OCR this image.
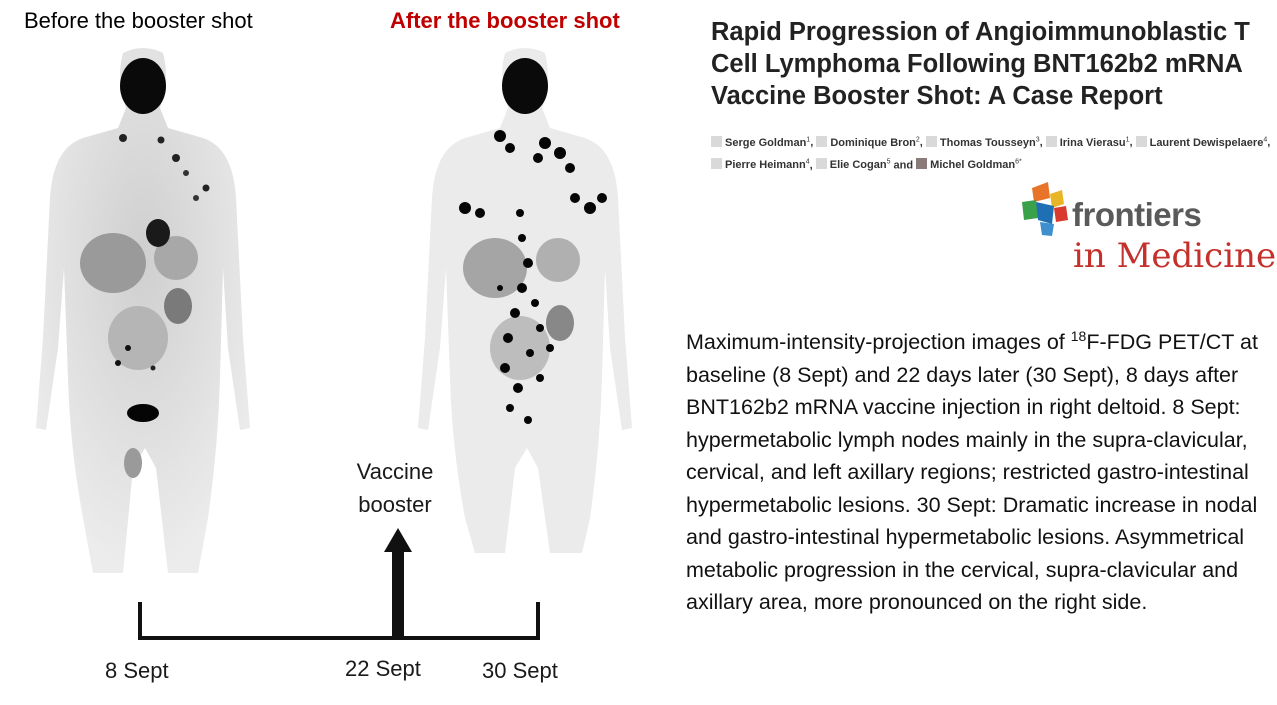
Before the booster shot	After the booster shot
Vaccine
booster
8 Sept	22 Sept	30 Sept
Rapid Progression of Angioimmunoblastic T Cell Lymphoma Following BNT162b2 mRNA Vaccine Booster Shot: A Case Report
Serge Goldman$^1$, Dominique Bron$^2$, Thomas Tousseyn$^3$, Irina Vierasu$^1$, Laurent Dewispelaere$^4$, Pierre Heimann$^4$, Elie Cogan$^5$ and Michel Goldman$^{6*}$
frontiers
in Medicine
Maximum-intensity-projection images of $^{18}$F-FDG PET/CT at baseline (8 Sept) and 22 days later (30 Sept), 8 days after BNT162b2 mRNA vaccine injection in right deltoid. 8 Sept: hypermetabolic lymph nodes mainly in the supra-clavicular, cervical, and left axillary regions; restricted gastro-intestinal hypermetabolic lesions. 30 Sept: Dramatic increase in nodal and gastro-intestinal hypermetabolic lesions. Asymmetrical metabolic progression in the cervical, supra-clavicular and axillary area, more pronounced on the right side.
